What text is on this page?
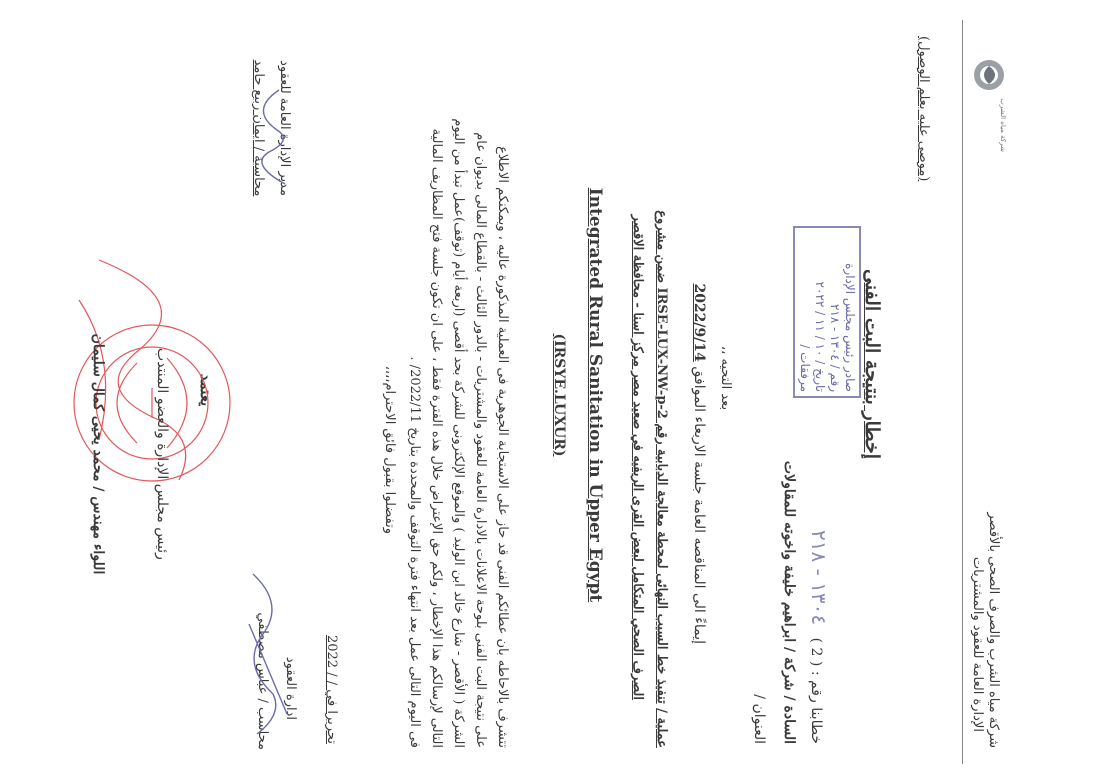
شركة مياه الشرب والصرف الصحى بالأقصر
الإدارة العامة للعقود والمشتريات
شركة مياه الشرب
(موصى عليه بعلم الوصول)
صادر رئيس مجلس الإدارة
رقم / ١٣٠٤ - ٢١٨
تاريخ / ١٠ / ١١ / ٢٠٢٢
مرفقات /	إخطار بنتيجة البت الفنى
خطابنا رقم : ( 2 ) ١٣٠٤ - ٢١٨
السادة / شركة / ابراهيم خليفة واخوته للمقاولات
العنوان /
بعد التحيه ،،
إيماءً الى المناقصه العامة جلسة الاربعاء الموافق 2022/9/14
عملية / تنفيذ خط السيب النهائى لمحطة معالجة الدبابية رقم IRSE-LUX-NW-p-2 ضمن مشروع
الصرف الصحي المتكامل لبعض القرى الريفيه في صعيد مصر مركز اسنا - محافظة الاقصر
Integrated Rural Sanitation in Upper Egypt
(IRSYE.LUXUR)
تتشرف بالاحاطه بان عطائكم الفنى قد حاز على الاستجابة الجوهرية فى العملية المذكورة عاليه ، ويمكنكم الاطلاع
على نتيجة البت الفنى بلوحة الاعلانات بالادارة العامة للعقود والمشتريات - بالدور الثالث - بالقطاع المالى بديوان عام
الشركة ( الأقصر - شارع خالد ابن الوليد ) والموقع الإلكترونى للشركة بحد أقصى (اربعة أيام (توقف)عمل تبدأ من اليوم
التالى لإرسالكم هذا الإخطار ، ولكم حق الإعتراض خلال هذه الفترة فقط ، على ان تكون جلسة فتح المظاريف المالية
فى اليوم التالى عمل بعد انتهاء فترة التوقف والمحددة بتاريخ 2022/11/ .
وتفضلوا بقبول فائق الاحترام،،،،
تحريرا في / / 2022
ادارة العقود
محاسب / عباس مصطفي
مدير الإدارة العامة للعقود
محاسبة / ايمان ربيع حامد
يعتمد
رئيس مجلس الإدارة والعضو المنتدب
اللواء مهندس / محمد يحيى كمال سليمان
